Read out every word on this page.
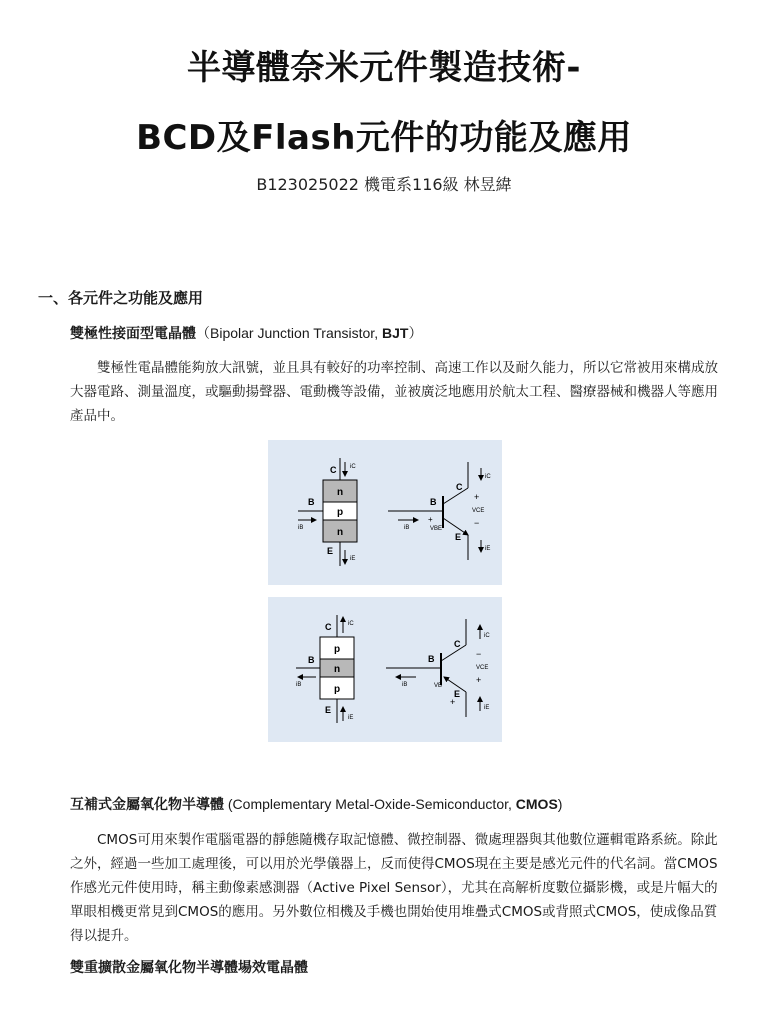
半導體奈米元件製造技術-
BCD及Flash元件的功能及應用
B123025022 機電系116級 林昱緯
一、各元件之功能及應用
雙極性接面型電晶體（Bipolar Junction Transistor, BJT）

雙極性電晶體能夠放大訊號，並且具有較好的功率控制、高速工作以及耐久能力，所以它常被用來構成放大器電路、測量溫度，或驅動揚聲器、電動機等設備，並被廣泛地應用於航太工程、醫療器械和機器人等應用產品中。

n
p
n
C
B
E
iC
iE
iB
C
B
E
iC
iE
iB	VBE
VCE
+
−
+
p
n
p
C
B
E
iC
iE
iB
C
B
E
iC
iE
iB	VB
VCE
−
+
+
互補式金屬氧化物半導體 (Complementary Metal-Oxide-Semiconductor, CMOS)

CMOS可用來製作電腦電器的靜態隨機存取記憶體、微控制器、微處理器與其他數位邏輯電路系統。除此之外，經過一些加工處理後，可以用於光學儀器上，反而使得CMOS現在主要是感光元件的代名詞。當CMOS作感光元件使用時，稱主動像素感測器（Active Pixel Sensor），尤其在高解析度數位攝影機，或是片幅大的單眼相機更常見到CMOS的應用。另外數位相機及手機也開始使用堆疊式CMOS或背照式CMOS，使成像品質得以提升。

雙重擴散金屬氧化物半導體場效電晶體
